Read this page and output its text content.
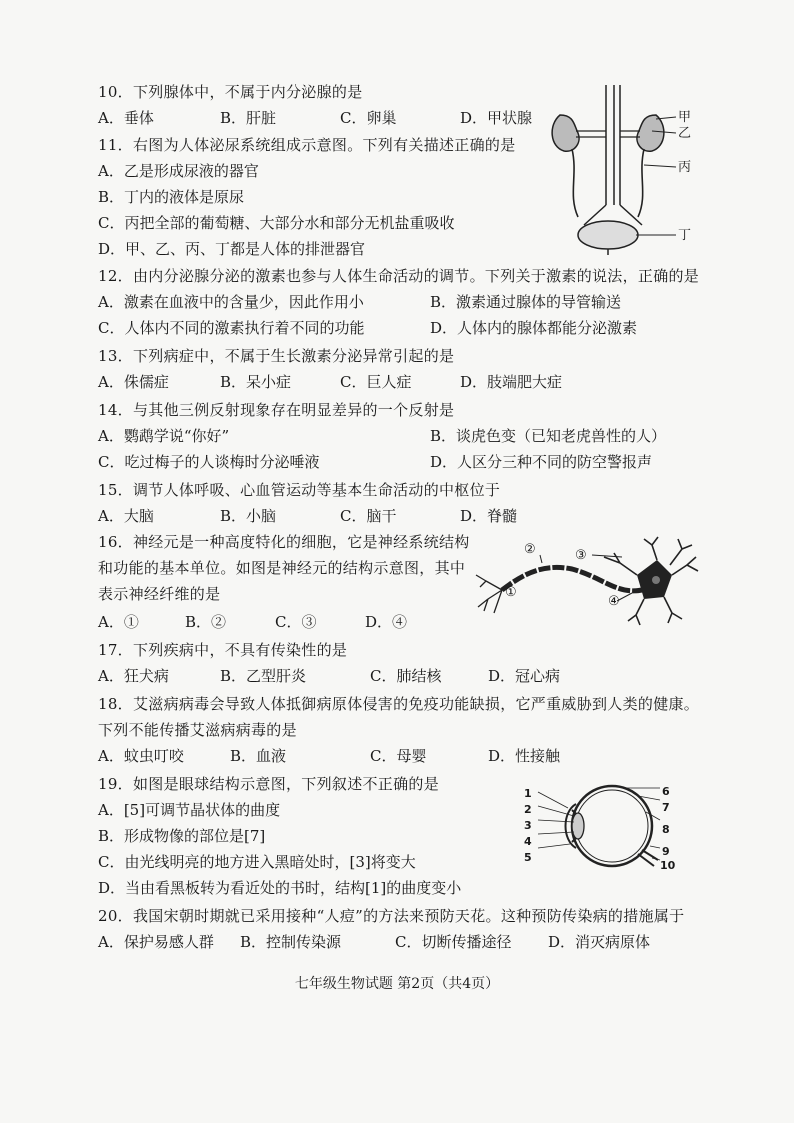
10．下列腺体中，不属于内分泌腺的是
A．垂体	B．肝脏	C．卵巢	D．甲状腺
11．右图为人体泌尿系统组成示意图。下列有关描述正确的是
A．乙是形成尿液的器官
B．丁内的液体是原尿
C．丙把全部的葡萄糖、大部分水和部分无机盐重吸收
D．甲、乙、丙、丁都是人体的排泄器官
甲
乙
丙
丁
12．由内分泌腺分泌的激素也参与人体生命活动的调节。下列关于激素的说法，正确的是
A．激素在血液中的含量少，因此作用小	B．激素通过腺体的导管输送
C．人体内不同的激素执行着不同的功能	D．人体内的腺体都能分泌激素
13．下列病症中，不属于生长激素分泌异常引起的是
A．侏儒症	B．呆小症	C．巨人症	D．肢端肥大症
14．与其他三例反射现象存在明显差异的一个反射是
A．鹦鹉学说“你好”	B．谈虎色变（已知老虎兽性的人）
C．吃过梅子的人谈梅时分泌唾液	D．人区分三种不同的防空警报声
15．调节人体呼吸、心血管运动等基本生命活动的中枢位于
A．大脑	B．小脑	C．脑干	D．脊髓
16．神经元是一种高度特化的细胞，它是神经系统结构
和功能的基本单位。如图是神经元的结构示意图，其中
表示神经纤维的是
A．①	B．②	C．③	D．④
①
②	③
④
17．下列疾病中，不具有传染性的是
A．狂犬病	B．乙型肝炎	C．肺结核	D．冠心病
18．艾滋病病毒会导致人体抵御病原体侵害的免疫功能缺损，它严重威胁到人类的健康。
下列不能传播艾滋病病毒的是
A．蚊虫叮咬	B．血液	C．母婴	D．性接触
19．如图是眼球结构示意图，下列叙述不正确的是
A．[5]可调节晶状体的曲度
B．形成物像的部位是[7]
C．由光线明亮的地方进入黑暗处时，[3]将变大
D．当由看黑板转为看近处的书时，结构[1]的曲度变小
1
2
3
4
5
6
7
8
9
10
20．我国宋朝时期就已采用接种“人痘”的方法来预防天花。这种预防传染病的措施属于
A．保护易感人群 B．控制传染源	C．切断传播途径 D．消灭病原体
七年级生物试题 第2页（共4页）
